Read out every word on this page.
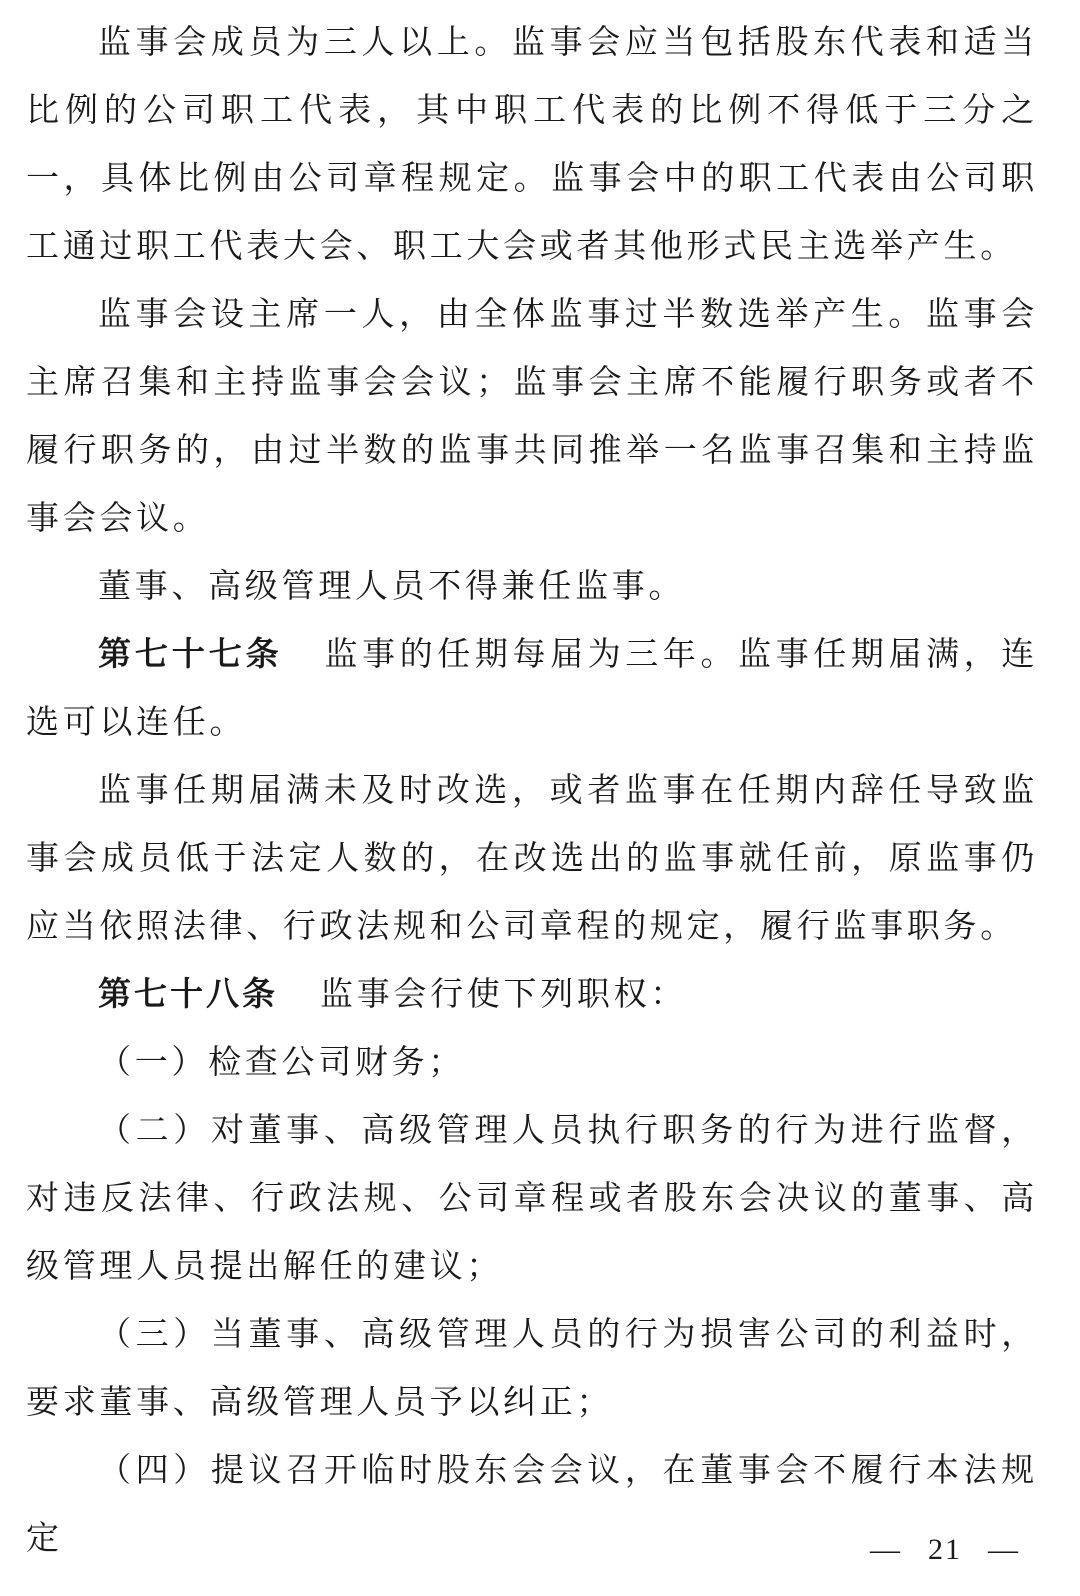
监事会成员为三人以上。监事会应当包括股东代表和适当比例的公司职工代表，其中职工代表的比例不得低于三分之一，具体比例由公司章程规定。监事会中的职工代表由公司职工通过职工代表大会、职工大会或者其他形式民主选举产生。

监事会设主席一人，由全体监事过半数选举产生。监事会主席召集和主持监事会会议；监事会主席不能履行职务或者不履行职务的，由过半数的监事共同推举一名监事召集和主持监事会会议。

董事、高级管理人员不得兼任监事。

第七十七条 监事的任期每届为三年。监事任期届满，连选可以连任。

监事任期届满未及时改选，或者监事在任期内辞任导致监事会成员低于法定人数的，在改选出的监事就任前，原监事仍应当依照法律、行政法规和公司章程的规定，履行监事职务。

第七十八条 监事会行使下列职权：

（一）检查公司财务；

（二）对董事、高级管理人员执行职务的行为进行监督，对违反法律、行政法规、公司章程或者股东会决议的董事、高级管理人员提出解任的建议；

（三）当董事、高级管理人员的行为损害公司的利益时，要求董事、高级管理人员予以纠正；

（四）提议召开临时股东会会议，在董事会不履行本法规定	— 21 —
